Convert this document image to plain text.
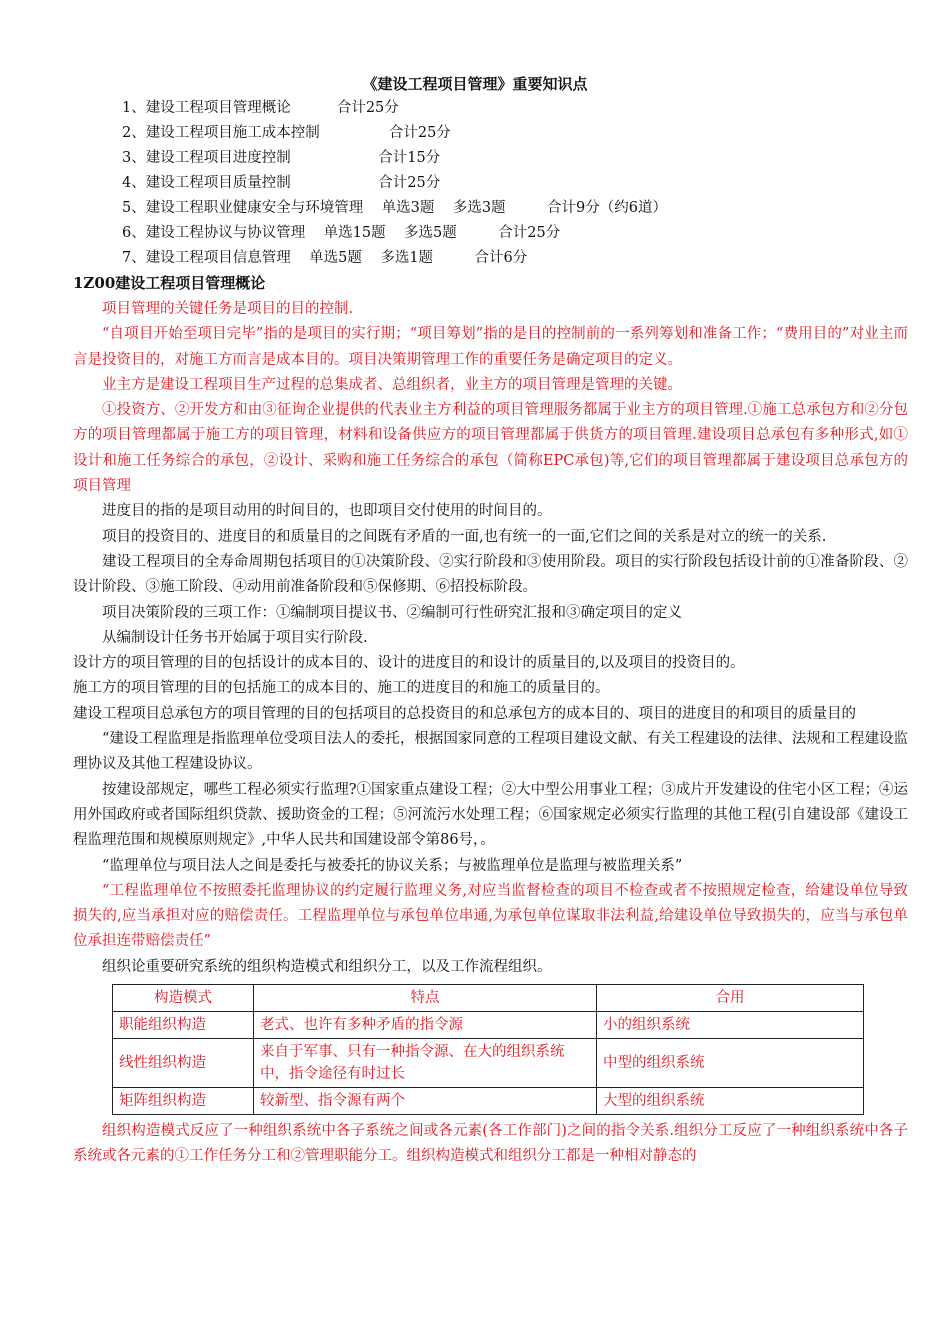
《建设工程项目管理》重要知识点
1、建设工程项目管理概论          合计25分
2、建设工程项目施工成本控制               合计25分
3、建设工程项目进度控制                   合计15分
4、建设工程项目质量控制                   合计25分
5、建设工程职业健康安全与环境管理    单选3题    多选3题         合计9分（约6道）
6、建设工程协议与协议管理    单选15题    多选5题         合计25分
7、建设工程项目信息管理    单选5题    多选1题         合计6分
1Z00建设工程项目管理概论
项目管理的关键任务是项目的目的控制.
“自项目开始至项目完毕”指的是项目的实行期；“项目筹划”指的是目的控制前的一系列筹划和准备工作；“费用目的”对业主而言是投资目的，对施工方而言是成本目的。项目决策期管理工作的重要任务是确定项目的定义。
业主方是建设工程项目生产过程的总集成者、总组织者，业主方的项目管理是管理的关键。
①投资方、②开发方和由③征询企业提供的代表业主方利益的项目管理服务都属于业主方的项目管理.①施工总承包方和②分包方的项目管理都属于施工方的项目管理，材料和设备供应方的项目管理都属于供货方的项目管理.建设项目总承包有多种形式,如①设计和施工任务综合的承包，②设计、采购和施工任务综合的承包（简称EPC承包)等,它们的项目管理都属于建设项目总承包方的项目管理
进度目的指的是项目动用的时间目的，也即项目交付使用的时间目的。
项目的投资目的、进度目的和质量目的之间既有矛盾的一面,也有统一的一面,它们之间的关系是对立的统一的关系.
建设工程项目的全寿命周期包括项目的①决策阶段、②实行阶段和③使用阶段。项目的实行阶段包括设计前的①准备阶段、②设计阶段、③施工阶段、④动用前准备阶段和⑤保修期、⑥招投标阶段。
项目决策阶段的三项工作：①编制项目提议书、②编制可行性研究汇报和③确定项目的定义
从编制设计任务书开始属于项目实行阶段.
设计方的项目管理的目的包括设计的成本目的、设计的进度目的和设计的质量目的,以及项目的投资目的。
施工方的项目管理的目的包括施工的成本目的、施工的进度目的和施工的质量目的。
建设工程项目总承包方的项目管理的目的包括项目的总投资目的和总承包方的成本目的、项目的进度目的和项目的质量目的
“建设工程监理是指监理单位受项目法人的委托，根据国家同意的工程项目建设文献、有关工程建设的法律、法规和工程建设监理协议及其他工程建设协议。
按建设部规定，哪些工程必须实行监理?①国家重点建设工程；②大中型公用事业工程；③成片开发建设的住宅小区工程；④运用外国政府或者国际组织贷款、援助资金的工程；⑤河流污水处理工程；⑥国家规定必须实行监理的其他工程(引自建设部《建设工程监理范围和规模原则规定》,中华人民共和国建设部令第86号，。
“监理单位与项目法人之间是委托与被委托的协议关系；与被监理单位是监理与被监理关系”
“工程监理单位不按照委托监理协议的约定履行监理义务,对应当监督检查的项目不检查或者不按照规定检查，给建设单位导致损失的,应当承担对应的赔偿责任。工程监理单位与承包单位串通,为承包单位谋取非法利益,给建设单位导致损失的，应当与承包单位承担连带赔偿责任”
组织论重要研究系统的组织构造模式和组织分工，以及工作流程组织。
构造模式	特点	合用
职能组织构造	老式、也许有多种矛盾的指令源	小的组织系统
线性组织构造	来自于军事、只有一种指令源、在大的组织系统中，指令途径有时过长	中型的组织系统
矩阵组织构造	较新型、指令源有两个	大型的组织系统
组织构造模式反应了一种组织系统中各子系统之间或各元素(各工作部门)之间的指令关系.组织分工反应了一种组织系统中各子系统或各元素的①工作任务分工和②管理职能分工。组织构造模式和组织分工都是一种相对静态的
